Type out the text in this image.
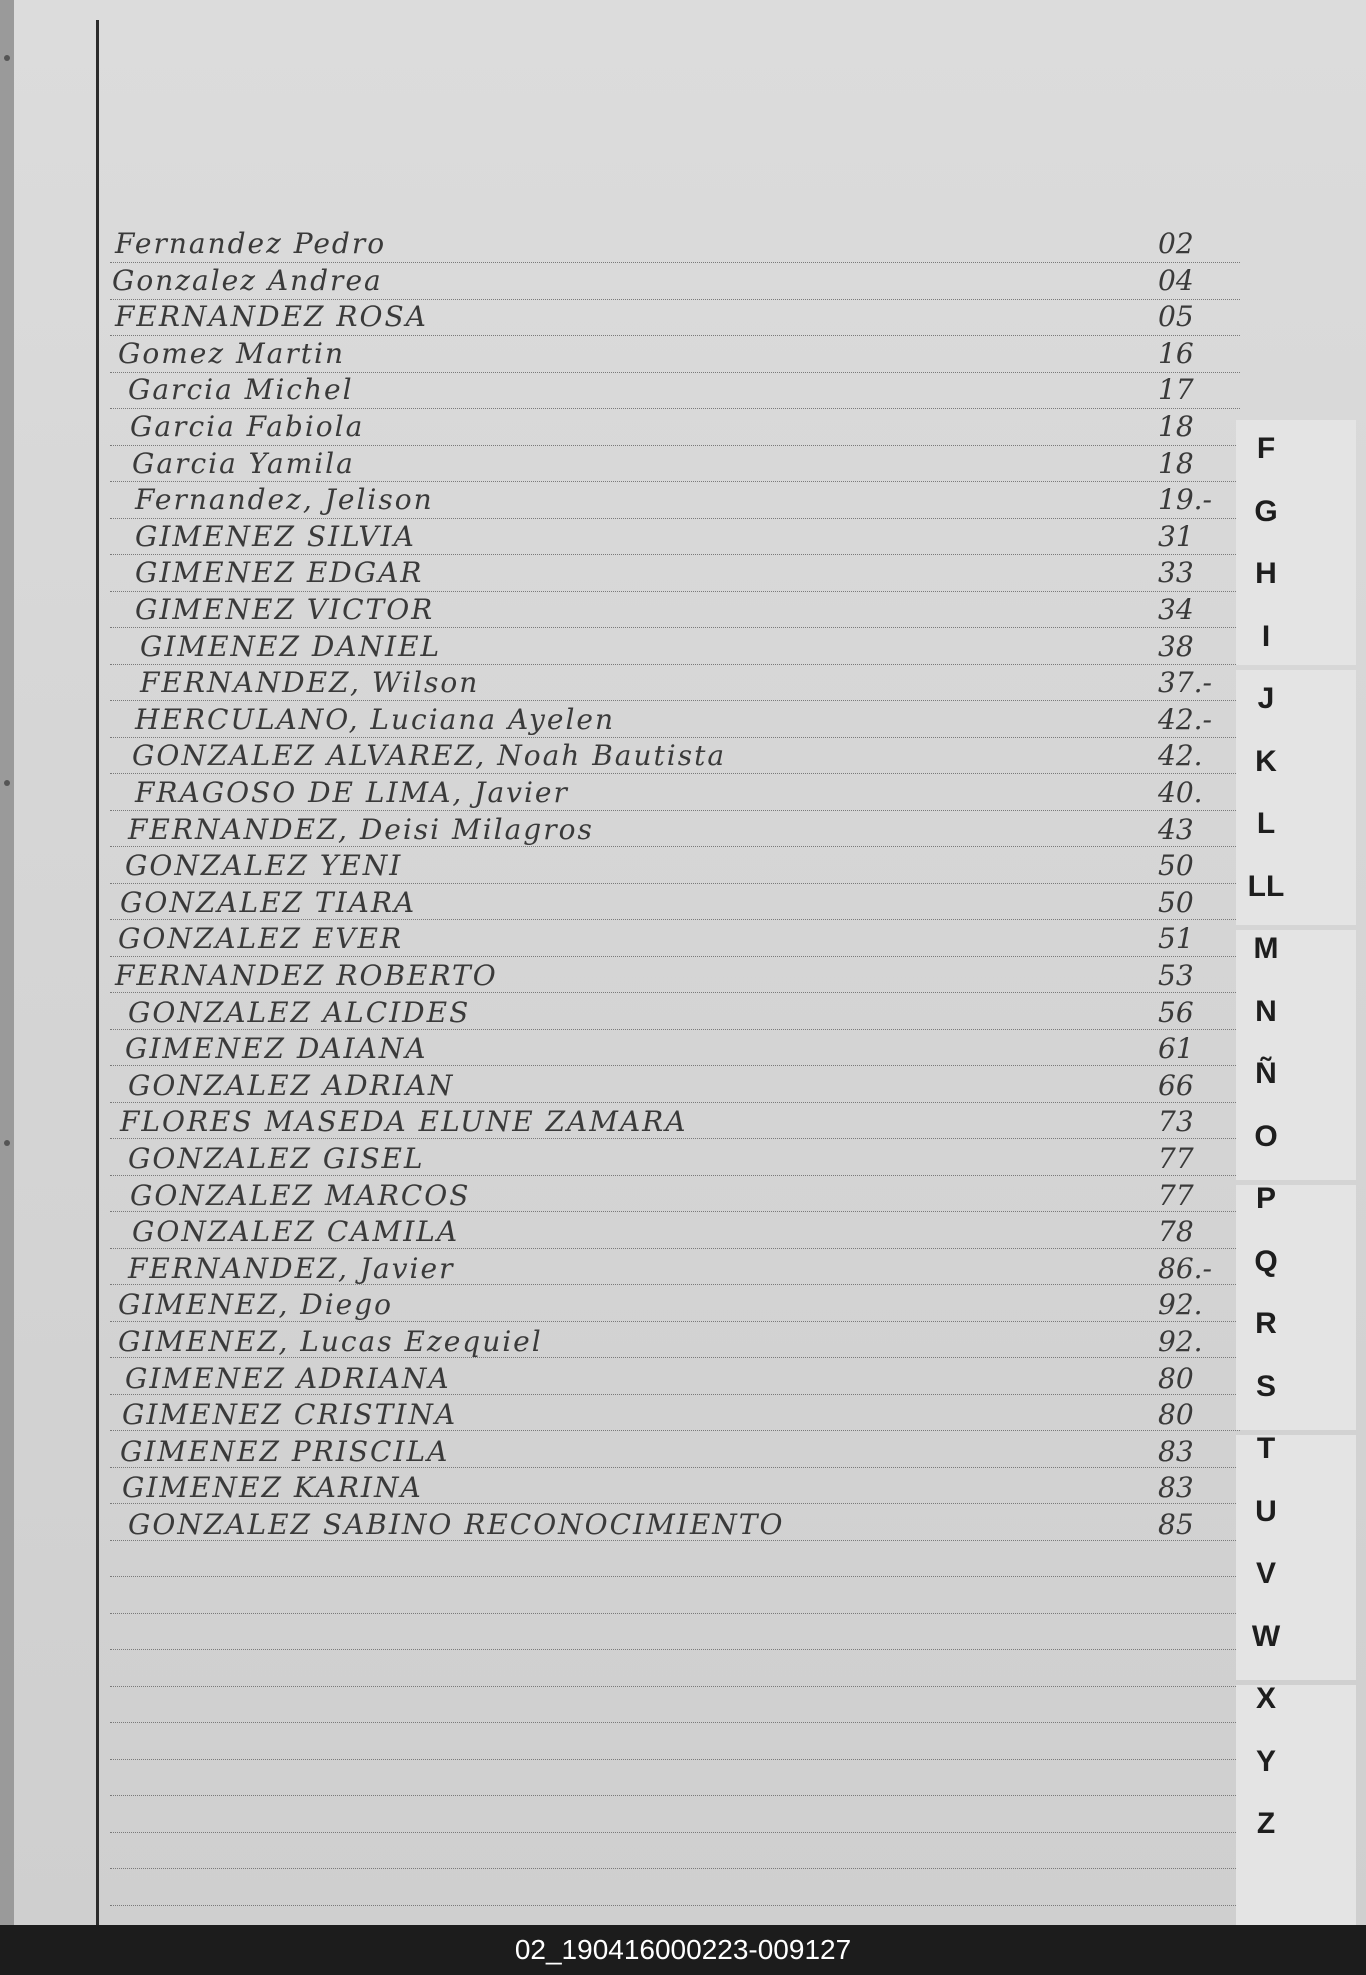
Fernandez Pedro	02
Gonzalez Andrea	04
FERNANDEZ ROSA	05
Gomez Martin	16
Garcia Michel	17
Garcia Fabiola	18
Garcia Yamila	18
Fernandez, Jelison	19.-
GIMENEZ SILVIA	31
GIMENEZ EDGAR	33
GIMENEZ VICTOR	34
GIMENEZ DANIEL	38
FERNANDEZ, Wilson	37.-
HERCULANO, Luciana Ayelen	42.-
GONZALEZ ALVAREZ, Noah Bautista	42.
FRAGOSO DE LIMA, Javier	40.
FERNANDEZ, Deisi Milagros	43
GONZALEZ YENI	50
GONZALEZ TIARA	50
GONZALEZ EVER	51
FERNANDEZ ROBERTO	53
GONZALEZ ALCIDES	56
GIMENEZ DAIANA	61
GONZALEZ ADRIAN	66
FLORES MASEDA ELUNE ZAMARA	73
GONZALEZ GISEL	77
GONZALEZ MARCOS	77
GONZALEZ CAMILA	78
FERNANDEZ, Javier	86.-
GIMENEZ, Diego	92.
GIMENEZ, Lucas Ezequiel	92.
GIMENEZ ADRIANA	80
GIMENEZ CRISTINA	80
GIMENEZ PRISCILA	83
GIMENEZ KARINA	83
GONZALEZ SABINO RECONOCIMIENTO	85
F
G
H
I
J
K
L
LL
M
N
Ñ
O
P
Q
R
S
T
U
V
W
X
Y
Z
02_190416000223-009127
